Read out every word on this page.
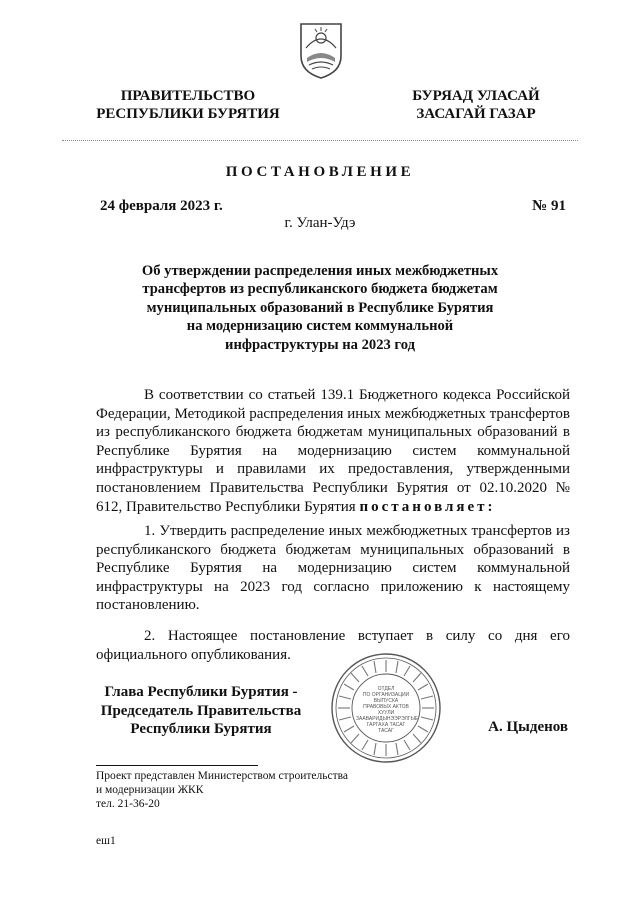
ПРАВИТЕЛЬСТВО
РЕСПУБЛИКИ БУРЯТИЯ
БУРЯАД УЛАСАЙ
ЗАСАГАЙ ГАЗАР
ПОСТАНОВЛЕНИЕ
24 февраля 2023 г.	№ 91
г. Улан-Удэ
Об утверждении распределения иных межбюджетных
трансфертов из республиканского бюджета бюджетам
муниципальных образований в Республике Бурятия
на модернизацию систем коммунальной
инфраструктуры на 2023 год
В соответствии со статьей 139.1 Бюджетного кодекса Российской Федерации, Методикой распределения иных межбюджетных трансфертов из республиканского бюджета бюджетам муниципальных образований в Республике Бурятия на модернизацию систем коммунальной инфраструктуры и правилами их предоставления, утвержденными постановлением Правительства Республики Бурятия от 02.10.2020 № 612, Правительство Республики Бурятия постановляет:
1. Утвердить распределение иных межбюджетных трансфертов из республиканского бюджета бюджетам муниципальных образований в Республике Бурятия на модернизацию систем коммунальной инфраструктуры на 2023 год согласно приложению к настоящему постановлению.
2. Настоящее постановление вступает в силу со дня его официального опубликования.
ОТДЕЛ
ПО ОРГАНИЗАЦИИ
ВЫПУСКА
ПРАВОВЫХ АКТОВ
ХУУЛИ
ЗААВАРИДЫНЭЭРЭЛГЫЕ
ГАРГАХА ТАСАГ
ТАСАГ
Глава Республики Бурятия -
Председатель Правительства
Республики Бурятия	А. Цыденов
Проект представлен Министерством строительства
и модернизации ЖКК
тел. 21-36-20
еш1
